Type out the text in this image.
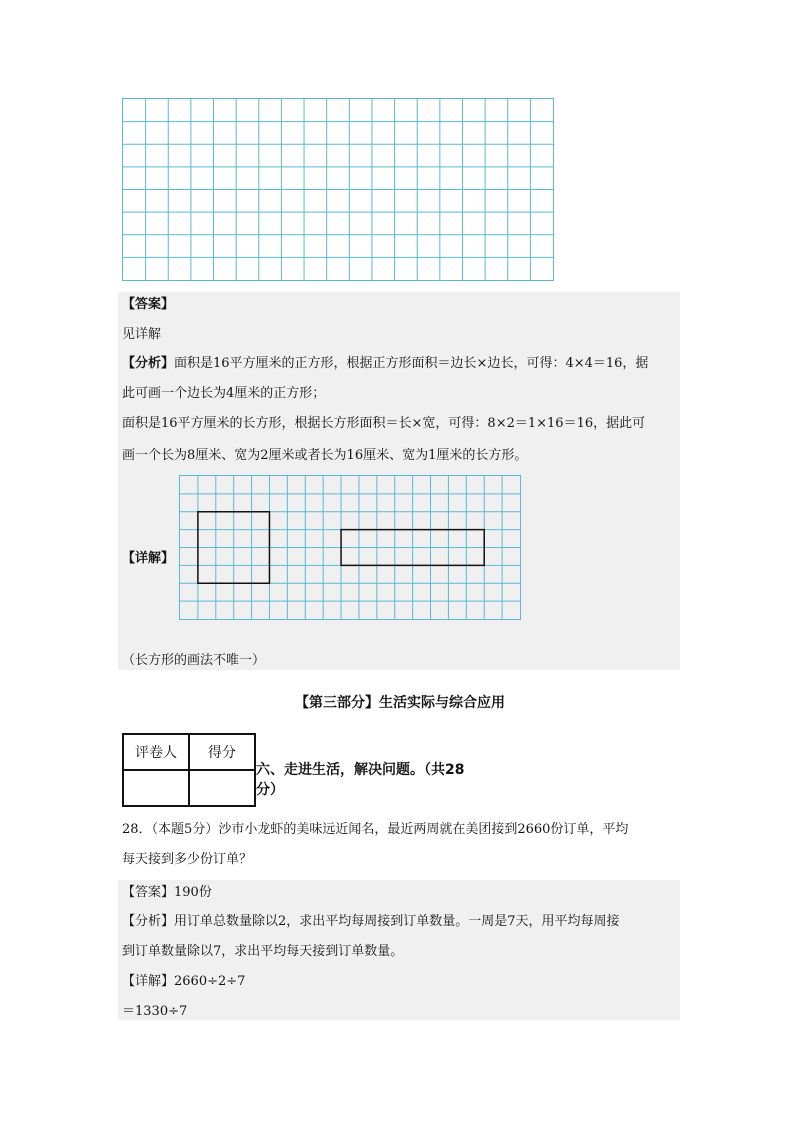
【答案】
见详解
【分析】面积是16平方厘米的正方形，根据正方形面积＝边长×边长，可得：4×4＝16，据
此可画一个边长为4厘米的正方形；
面积是16平方厘米的长方形，根据长方形面积＝长×宽，可得：8×2＝1×16＝16，据此可
画一个长为8厘米、宽为2厘米或者长为16厘米、宽为1厘米的长方形。
【详解】
（长方形的画法不唯一）
【第三部分】生活实际与综合应用
评卷人	得分

六、走进生活，解决问题。（共28
分）
28．（本题5分）沙市小龙虾的美味远近闻名，最近两周就在美团接到2660份订单，平均
每天接到多少份订单？
【答案】190份
【分析】用订单总数量除以2，求出平均每周接到订单数量。一周是7天，用平均每周接
到订单数量除以7，求出平均每天接到订单数量。
【详解】2660÷2÷7
＝1330÷7
